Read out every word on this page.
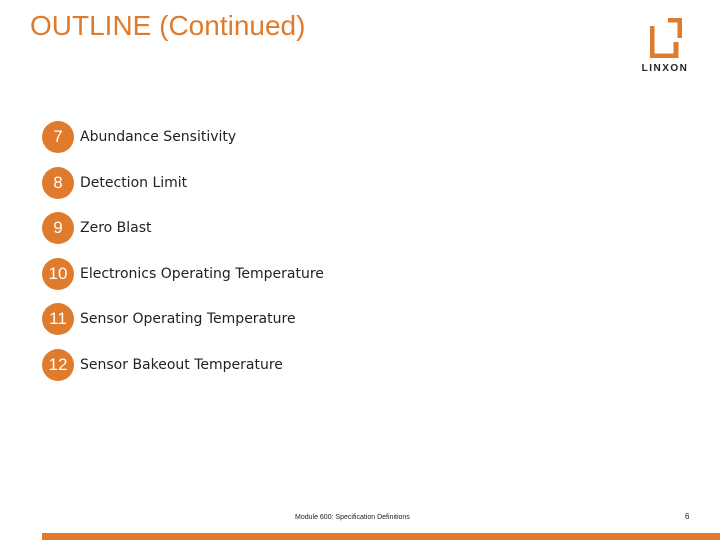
OUTLINE (Continued)
LINXON
7	Abundance Sensitivity
8	Detection Limit
9	Zero Blast
10 Electronics Operating Temperature
11 Sensor Operating Temperature
12 Sensor Bakeout Temperature
Module 600: Specification Definitions	6
